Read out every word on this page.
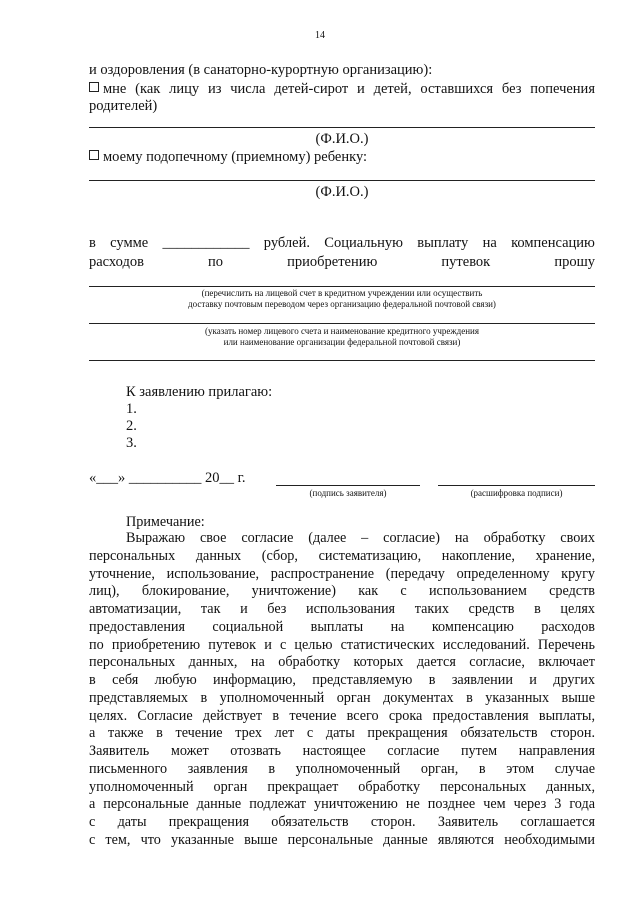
14
и оздоровления (в санаторно-курортную организацию):
мне (как лицу из числа детей-сирот и детей, оставшихся без попечения
родителей)
(Ф.И.О.)
моему подопечному (приемному) ребенку:
(Ф.И.О.)
в сумме ____________ рублей. Социальную выплату на компенсацию
расходов	по	приобретению	путевок	прошу
(перечислить на лицевой счет в кредитном учреждении или осуществить
доставку почтовым переводом через организацию федеральной почтовой связи)
(указать номер лицевого счета и наименование кредитного учреждения
или наименование организации федеральной почтовой связи)
К заявлению прилагаю:
1.
2.
3.
«___» __________ 20__ г.
(подпись заявителя)	(расшифровка подписи)
Примечание:
Выражаю свое согласие (далее – согласие) на обработку своих
персональных данных (сбор, систематизацию, накопление, хранение,
уточнение, использование, распространение (передачу определенному кругу
лиц), блокирование, уничтожение) как с использованием средств
автоматизации, так и без использования таких средств в целях
предоставления социальной выплаты на компенсацию расходов
по приобретению путевок и с целью статистических исследований. Перечень
персональных данных, на обработку которых дается согласие, включает
в себя любую информацию, представляемую в заявлении и других
представляемых в уполномоченный орган документах в указанных выше
целях. Согласие действует в течение всего срока предоставления выплаты,
а также в течение трех лет с даты прекращения обязательств сторон.
Заявитель может отозвать настоящее согласие путем направления
письменного заявления в уполномоченный орган, в этом случае
уполномоченный орган прекращает обработку персональных данных,
а персональные данные подлежат уничтожению не позднее чем через 3 года
с даты прекращения обязательств сторон. Заявитель соглашается
с тем, что указанные выше персональные данные являются необходимыми
